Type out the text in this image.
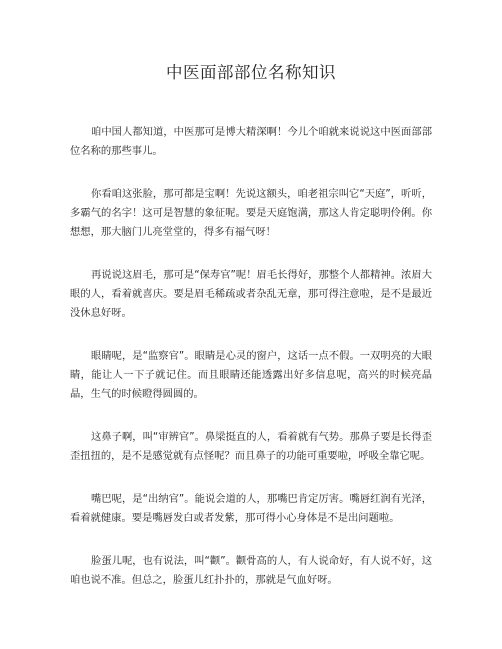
中医面部部位名称知识

咱中国人都知道，中医那可是博大精深啊！今儿个咱就来说说这中医面部部位名称的那些事儿。

你看咱这张脸，那可都是宝啊！先说这额头，咱老祖宗叫它“天庭”，听听，多霸气的名字！这可是智慧的象征呢。要是天庭饱满，那这人肯定聪明伶俐。你想想，那大脑门儿亮堂堂的，得多有福气呀！

再说说这眉毛，那可是“保寿官”呢！眉毛长得好，那整个人都精神。浓眉大眼的人，看着就喜庆。要是眉毛稀疏或者杂乱无章，那可得注意啦，是不是最近没休息好呀。

眼睛呢，是“监察官”。眼睛是心灵的窗户，这话一点不假。一双明亮的大眼睛，能让人一下子就记住。而且眼睛还能透露出好多信息呢，高兴的时候亮晶晶，生气的时候瞪得圆圆的。

这鼻子啊，叫“审辨官”。鼻梁挺直的人，看着就有气势。那鼻子要是长得歪歪扭扭的，是不是感觉就有点怪呢？而且鼻子的功能可重要啦，呼吸全靠它呢。

嘴巴呢，是“出纳官”。能说会道的人，那嘴巴肯定厉害。嘴唇红润有光泽，看着就健康。要是嘴唇发白或者发紫，那可得小心身体是不是出问题啦。

脸蛋儿呢，也有说法，叫“颧”。颧骨高的人，有人说命好，有人说不好，这咱也说不准。但总之，脸蛋儿红扑扑的，那就是气血好呀。
